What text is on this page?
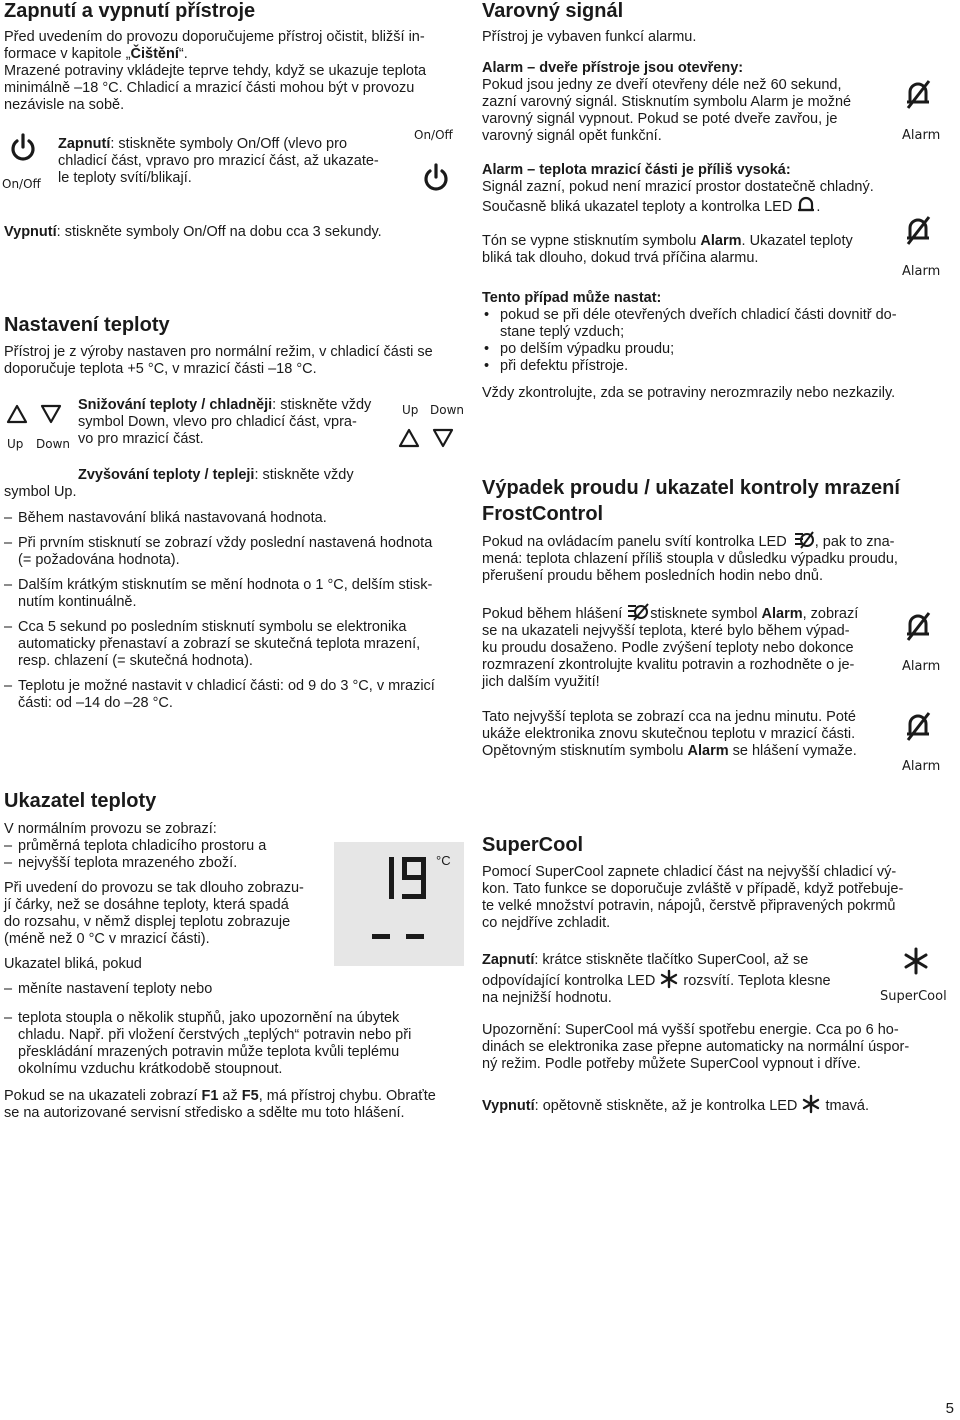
Zapnutí a vypnutí přístroje

Před uvedením do provozu doporučujeme přístroj očistit, bližší in-

formace v kapitole „Čištění“.

Mrazené potraviny vkládejte teprve tehdy, když se ukazuje teplota

minimálně –18 °C. Chladicí a mrazicí části mohou být v provozu

nezávisle na sobě.

On/Off

Zapnutí: stiskněte symboly On/Off (vlevo pro

chladicí část, vpravo pro mrazicí část, až ukazate-

le teploty svítí/blikají.

On/Off

Vypnutí: stiskněte symboly On/Off na dobu cca 3 sekundy.

Nastavení teploty

Přístroj je z výroby nastaven pro normální režim, v chladicí části se

doporučuje teplota +5 °C, v mrazicí části –18 °C.

Up Down

Snižování teploty / chladněji: stiskněte vždy

symbol Down, vlevo pro chladicí část, vpra-

vo pro mrazicí část.

Up Down

Zvyšování teploty / tepleji: stiskněte vždy

symbol Up.

– Během nastavování bliká nastavovaná hodnota.

– Při prvním stisknutí se zobrazí vždy poslední nastavená hodnota

(= požadována hodnota).

– Dalším krátkým stisknutím se mění hodnota o 1 °C, delším stisk-

nutím kontinuálně.

– Cca 5 sekund po posledním stisknutí symbolu se elektronika

automaticky přenastaví a zobrazí se skutečná teplota mrazení,

resp. chlazení (= skutečná hodnota).

– Teplotu je možné nastavit v chladicí části: od 9 do 3 °C, v mrazicí

části: od –14 do –28 °C.

Ukazatel teploty

V normálním provozu se zobrazí:

– průměrná teplota chladicího prostoru a

– nejvyšší teplota mrazeného zboží.

Při uvedení do provozu se tak dlouho zobrazu-

jí čárky, než se dosáhne teploty, která spadá

do rozsahu, v němž displej teplotu zobrazuje

(méně než 0 °C v mrazicí části).

Ukazatel bliká, pokud

– měníte nastavení teploty nebo

°C

– teplota stoupla o několik stupňů, jako upozornění na úbytek

chladu. Např. při vložení čerstvých „teplých“ potravin nebo při

přeskládání mrazených potravin může teplota kvůli teplému

okolnímu vzduchu krátkodobě stoupnout.

Pokud se na ukazateli zobrazí F1 až F5, má přístroj chybu. Obraťte

se na autorizované servisní středisko a sdělte mu toto hlášení.

Varovný signál

Přístroj je vybaven funkcí alarmu.

Alarm – dveře přístroje jsou otevřeny:

Pokud jsou jedny ze dveří otevřeny déle než 60 sekund,

zazní varovný signál. Stisknutím symbolu Alarm je možné

varovný signál vypnout. Pokud se poté dveře zavřou, je

varovný signál opět funkční.	Alarm

Alarm – teplota mrazicí části je příliš vysoká:

Signál zazní, pokud není mrazicí prostor dostatečně chladný.

Současně bliká ukazatel teploty a kontrolka LED .

Tón se vypne stisknutím symbolu Alarm. Ukazatel teploty

bliká tak dlouho, dokud trvá příčina alarmu.

Alarm

Tento případ může nastat:

• pokud se při déle otevřených dveřích chladicí části dovnitř do-

stane teplý vzduch;

• po delším výpadku proudu;

• při defektu přístroje.

Vždy zkontrolujte, zda se potraviny nerozmrazily nebo nezkazily.

Výpadek proudu / ukazatel kontroly mrazení
FrostControl

Pokud na ovládacím panelu svítí kontrolka LED , pak to zna-

mená: teplota chlazení příliš stoupla v důsledku výpadku proudu,

přerušení proudu během posledních hodin nebo dnů.

Pokud během hlášení stisknete symbol Alarm, zobrazí

se na ukazateli nejvyšší teplota, které bylo během výpad-

ku proudu dosaženo. Podle zvýšení teploty nebo dokonce

rozmrazení zkontrolujte kvalitu potravin a rozhodněte o je-

jich dalším využití!

Alarm

Tato nejvyšší teplota se zobrazí cca na jednu minutu. Poté

ukáže elektronika znovu skutečnou teplotu v mrazicí části.

Opětovným stisknutím symbolu Alarm se hlášení vymaže.

Alarm
SuperCool

Pomocí SuperCool zapnete chladicí část na nejvyšší chladicí vý-

kon. Tato funkce se doporučuje zvláště v případě, když potřebuje-

te velké množství potravin, nápojů, čerstvě připravených pokrmů

co nejdříve zchladit.

Zapnutí: krátce stiskněte tlačítko SuperCool, až se

odpovídající kontrolka LED rozsvítí. Teplota klesne

na nejnižší hodnotu.	SuperCool

Upozornění: SuperCool má vyšší spotřebu energie. Cca po 6 ho-

dinách se elektronika zase přepne automaticky na normální úspor-

ný režim. Podle potřeby můžete SuperCool vypnout i dříve.

Vypnutí: opětovně stiskněte, až je kontrolka LED tmavá.

5
